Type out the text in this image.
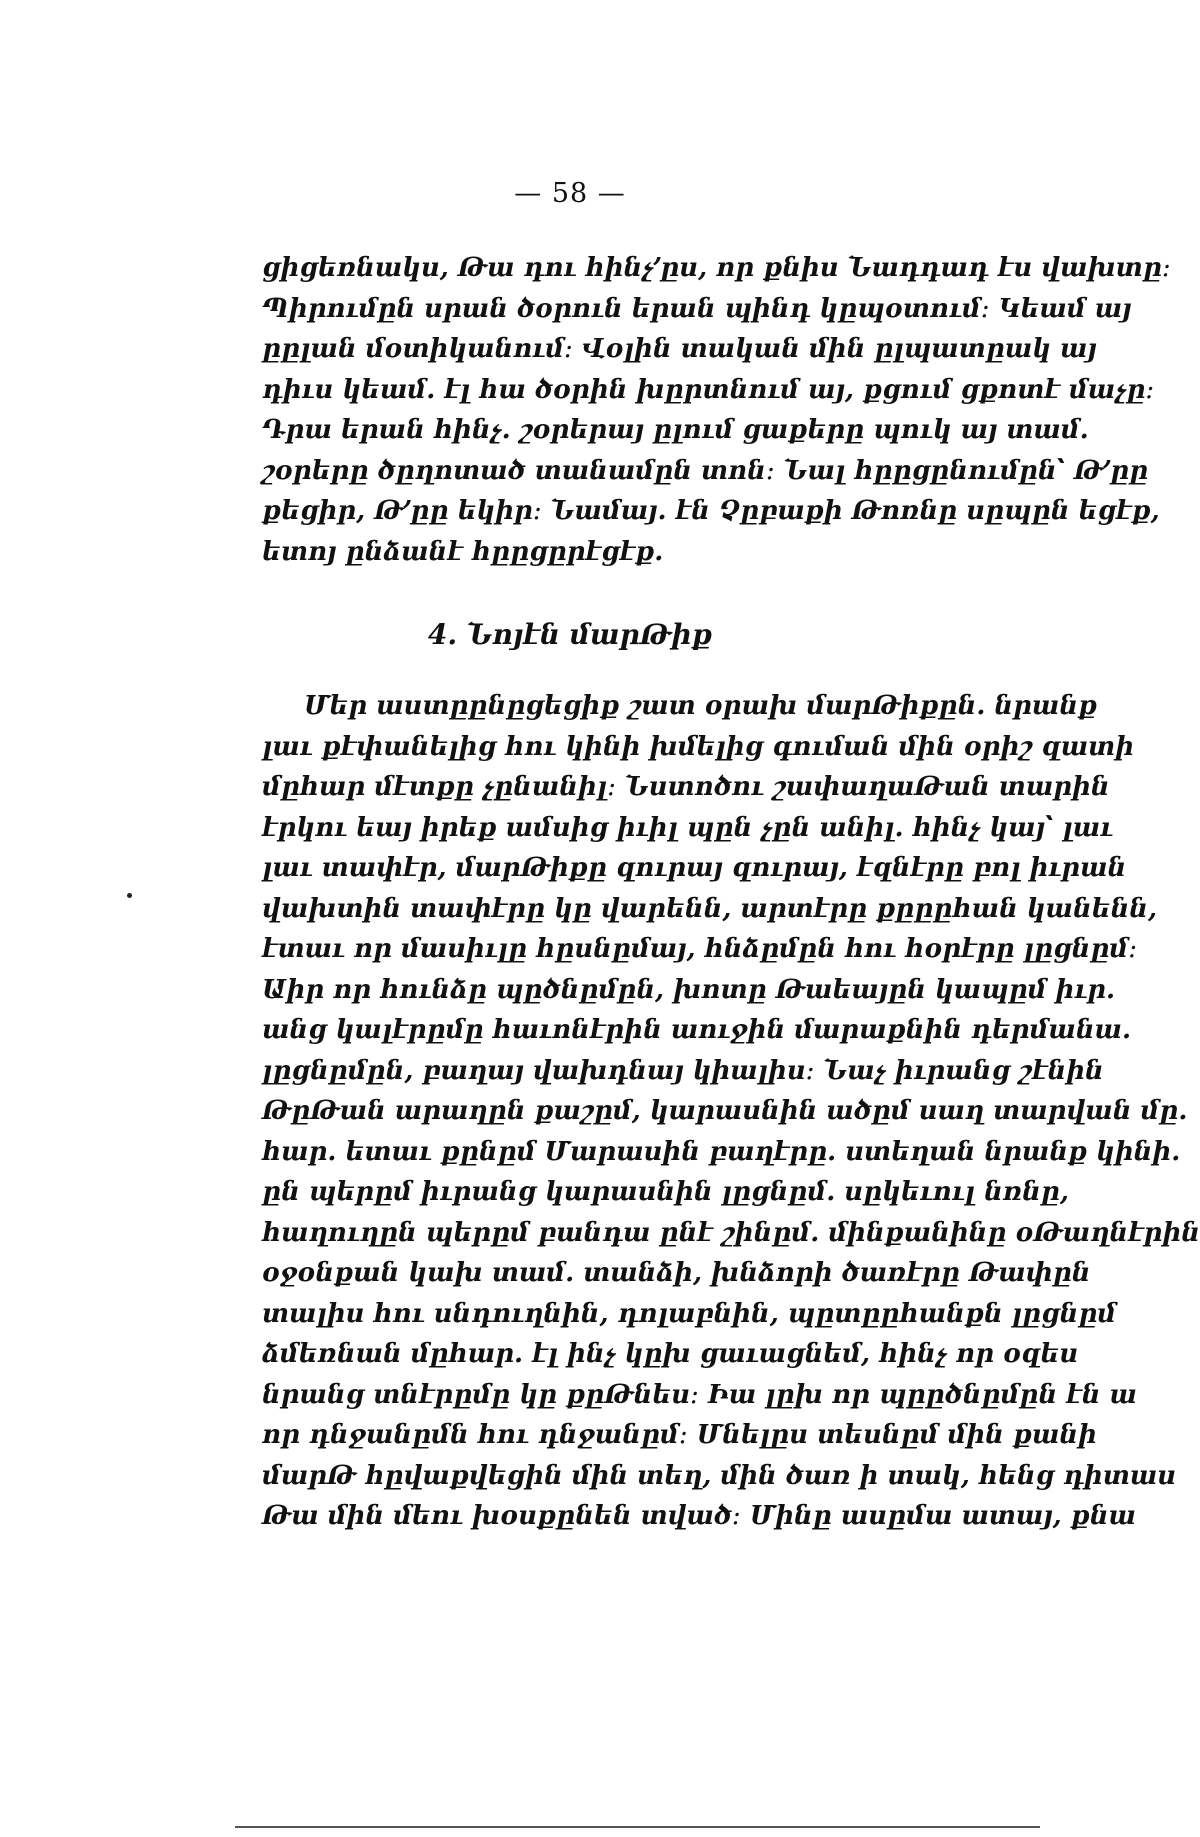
— 58 —
ցիցեռնակս, Թա դու հինչ՚ըս, որ քնիս Նադդադ էս վախտը։
Պիրումըն սրան ծօրուն երան պինդ կըպօտում։ Կեամ այ
ըըլան մօտիկանում։ Վօլին տական մին ըլպատըակ այ
դիւս կեամ. էլ հա ծօրին խըրտնում այ, քցում ցքոտէ մաչը։
Դրա երան հինչ. շօրերայ ըլում ցաքերը պուկ այ տամ.
շօրերը ծըղոտած տանամըն տոն։ Նալ հըըցընումըն՝ Թ՚ըը
քեցիր, Թ՚ըը եկիր։ Նամայ. էն Չըբաքի Թոռնը սըպըն եցէք,
ետոյ ընձանէ հըըցըրէցէք.
4. Նոյէն մարԹիք
Մեր աստըընըցեցիք շատ օրախ մարԹիքըն. նրանք
լաւ քէփանելից հու կինի խմելից գուման մին օրիշ զատի
մըհար մէտքը չընանիլ։ Նստոծու շափաղաԹան տարին
էրկու եայ իրեք ամսից իւիլ պըն չըն անիլ. հինչ կայ՝ լաւ
լաւ տափէր, մարԹիքը զուրայ զուրայ, էզնէրը բոլ իւրան
վախտին տափէրը կը վարենն, արտէրը քըըըհան կանենն,
էտաւ որ մասիւլը հըսնըմայ, հնձըմըն հու հօրէրը լըցնըմ։
Աիր որ հունձը պըծնըմըն, խոտը Թաեայըն կապըմ իւր.
անց կալէրըմը հաւոնէրին աուջին մարաքնին դերմանա.
լըցնըմըն, բաղայ վախդնայ կիալիս։ Նաչ իւրանց շէնին
ԹըԹան արաղըն քաշըմ, կարասնին ածըմ սաղ տարվան մը.
հար. ետաւ քընըմ Մարասին բաղէրը. ստեղան նրանք կինի.
ըն պերըմ իւրանց կարասնին լըցնըմ. սըկեւուլ նռնը,
հաղուղըն պերըմ բանդա ընէ շինըմ. մինքանինը օԹաղնէրին
օջօնքան կախ տամ. տանձի, խնձորի ծառէրը Թափըն
տալիս հու սնդուղնին, դոլաբնին, պըտըըհանքն լըցնըմ
ձմեռնան մըհար. էլ ինչ կըխ ցաւացնեմ, հինչ որ օզես
նրանց տնէրըմը կը քըԹնես։ Իա լըխ որ պըըծնըմըն էն ա
որ դնջանըմն հու դնջանըմ։ Մնելըս տեսնըմ մին քանի
մարԹ հըվաքվեցին մին տեղ, մին ծառ ի տակ, հենց դիտաս
Թա մին մեու խօսքընեն տված։ Մինը ասըմա ատայ, քնա
